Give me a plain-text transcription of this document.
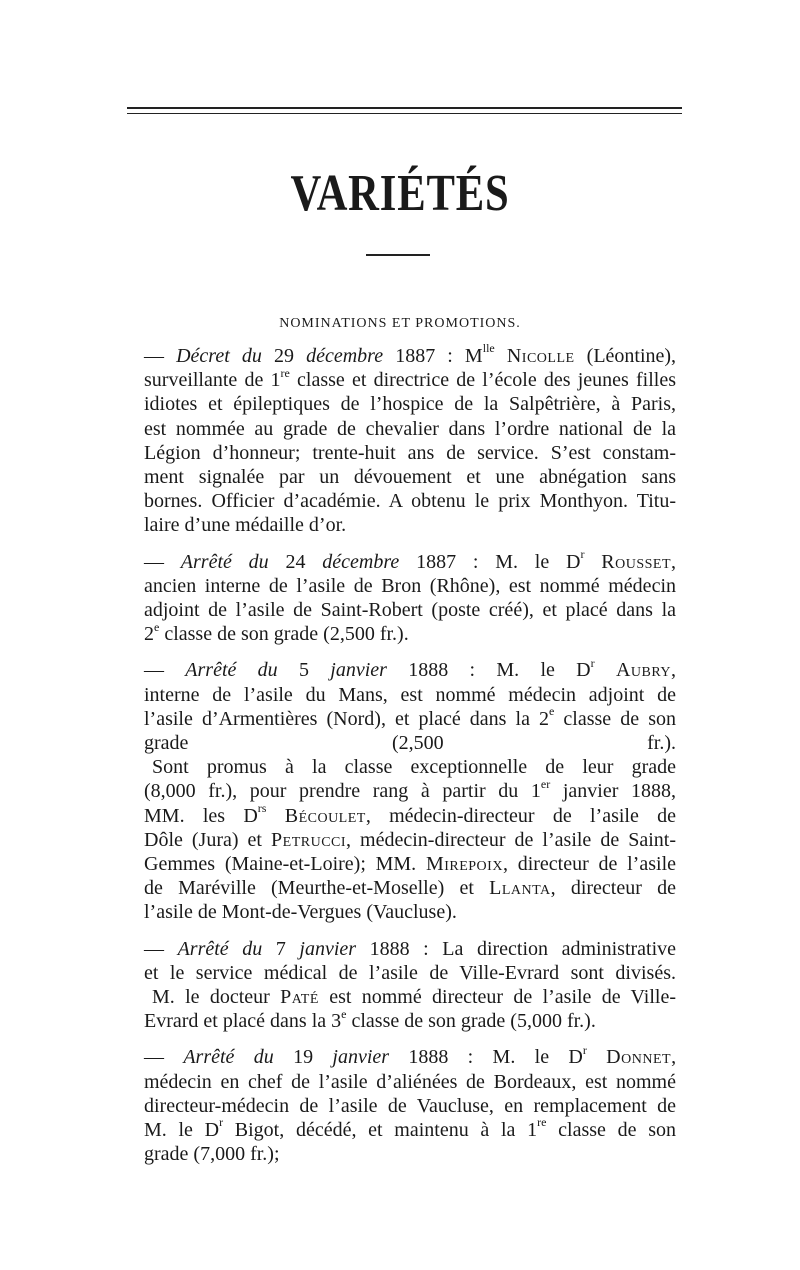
VARIÉTÉS
NOMINATIONS ET PROMOTIONS.
— Décret du 29 décembre 1887 : $M^{lle}$ Nicolle (Léontine),
surveillante de 1re classe et directrice de l’école des jeunes filles
idiotes et épileptiques de l’hospice de la Salpêtrière, à Paris,
est nommée au grade de chevalier dans l’ordre national de la
Légion d’honneur; trente-huit ans de service. S’est constam-
ment signalée par un dévouement et une abnégation sans
bornes. Officier d’académie. A obtenu le prix Monthyon. Titu-
laire d’une médaille d’or.
— Arrêté du 24 décembre 1887 : M. le $D^r$ Rousset,
ancien interne de l’asile de Bron (Rhône), est nommé médecin
adjoint de l’asile de Saint-Robert (poste créé), et placé dans la
2e classe de son grade (2,500 fr.).
— Arrêté du 5 janvier 1888 : M. le $D^r$ Aubry,
interne de l’asile du Mans, est nommé médecin adjoint de
l’asile d’Armentières (Nord), et placé dans la 2e classe de son
grade (2,500 fr.).
Sont promus à la classe exceptionnelle de leur grade
(8,000 fr.), pour prendre rang à partir du 1er janvier 1888,
MM. les $D^{rs}$ Bécoulet, médecin-directeur de l’asile de
Dôle (Jura) et Petrucci, médecin-directeur de l’asile de Saint-
Gemmes (Maine-et-Loire); MM. Mirepoix, directeur de l’asile
de Maréville (Meurthe-et-Moselle) et Llanta, directeur de
l’asile de Mont-de-Vergues (Vaucluse).
— Arrêté du 7 janvier 1888 : La direction administrative
et le service médical de l’asile de Ville-Evrard sont divisés.
M. le docteur Paté est nommé directeur de l’asile de Ville-
Evrard et placé dans la 3e classe de son grade (5,000 fr.).
— Arrêté du 19 janvier 1888 : M. le $D^r$ Donnet,
médecin en chef de l’asile d’aliénées de Bordeaux, est nommé
directeur-médecin de l’asile de Vaucluse, en remplacement de
M. le $D^r$ Bigot, décédé, et maintenu à la 1re classe de son
grade (7,000 fr.);
